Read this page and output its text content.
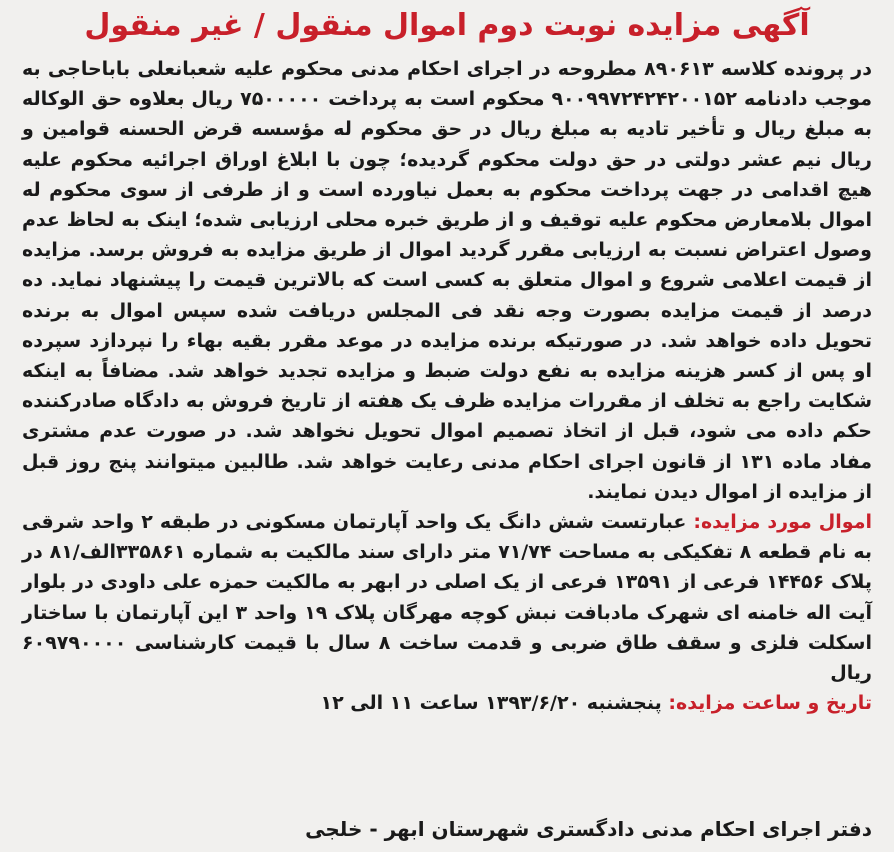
آگهی مزایده نوبت دوم اموال منقول / غیر منقول

در پرونده کلاسه ۸۹۰۶۱۳ مطروحه در اجرای احکام مدنی محکوم علیه شعبانعلی باباحاجی به موجب دادنامه ۹۰۰۹۹۷۲۴۲۴۲۰۰۱۵۲ محکوم است به پرداخت ۷۵۰۰۰۰۰ ریال بعلاوه حق الوکاله به مبلغ ریال و تأخیر تادیه به مبلغ ریال در حق محکوم له مؤسسه قرض الحسنه قوامین و ریال نیم عشر دولتی در حق دولت محکوم گردیده؛ چون با ابلاغ اوراق اجرائیه محکوم علیه هیچ اقدامی در جهت پرداخت محکوم به بعمل نیاورده است و از طرفی از سوی محکوم له اموال بلامعارض محکوم علیه توقیف و از طریق خبره محلی ارزیابی شده؛ اینک به لحاظ عدم وصول اعتراض نسبت به ارزیابی مقرر گردید اموال از طریق مزایده به فروش برسد. مزایده از قیمت اعلامی شروع و اموال متعلق به کسی است که بالاترین قیمت را پیشنهاد نماید. ده درصد از قیمت مزایده بصورت وجه نقد فی المجلس دریافت شده سپس اموال به برنده تحویل داده خواهد شد. در صورتیکه برنده مزایده در موعد مقرر بقیه بهاء را نپردازد سپرده او پس از کسر هزینه مزایده به نفع دولت ضبط و مزایده تجدید خواهد شد. مضافاً به اینکه شکایت راجع به تخلف از مقررات مزایده ظرف یک هفته از تاریخ فروش به دادگاه صادرکننده حکم داده می شود، قبل از اتخاذ تصمیم اموال تحویل نخواهد شد. در صورت عدم مشتری مفاد ماده ۱۳۱ از قانون اجرای احکام مدنی رعایت خواهد شد. طالبین میتوانند پنج روز قبل از مزایده از اموال دیدن نمایند.

اموال مورد مزایده: عبارتست شش دانگ یک واحد آپارتمان مسکونی در طبقه ۲ واحد شرقی به نام قطعه ۸ تفکیکی به مساحت ۷۱/۷۴ متر دارای سند مالکیت به شماره ۳۳۵۸۶۱الف/۸۱ در پلاک ۱۴۴۵۶ فرعی از ۱۳۵۹۱ فرعی از یک اصلی در ابهر به مالکیت حمزه علی داودی در بلوار آیت اله خامنه ای شهرک مادبافت نبش کوچه مهرگان پلاک ۱۹ واحد ۳ این آپارتمان با ساختار اسکلت فلزی و سقف طاق ضربی و قدمت ساخت ۸ سال با قیمت کارشناسی ۶۰۹۷۹۰۰۰۰ ریال

تاریخ و ساعت مزایده: پنجشنبه ۱۳۹۳/۶/۲۰ ساعت ۱۱ الی ۱۲

دفتر اجرای احکام مدنی دادگستری شهرستان ابهر - خلجی
